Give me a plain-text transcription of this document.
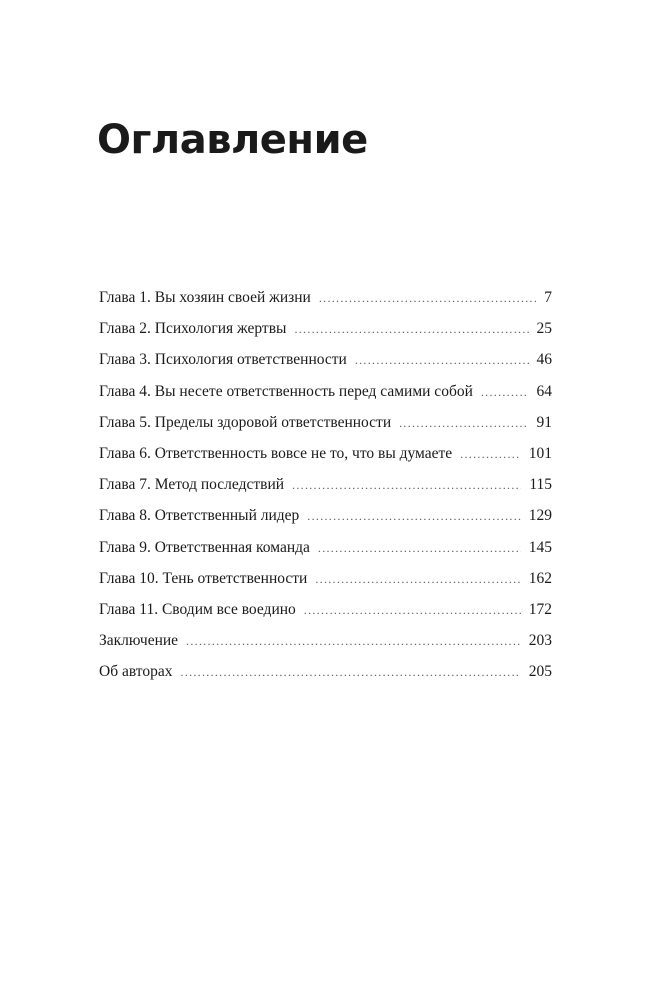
Оглавление
Глава 1. Вы хозяин своей жизни .....	7
Глава 2. Психология жертвы .....	25
Глава 3. Психология ответственности .....	46
Глава 4. Вы несете ответственность перед самими собой .....	64
Глава 5. Пределы здоровой ответственности .....	91
Глава 6. Ответственность вовсе не то, что вы думаете .....	101
Глава 7. Метод последствий .....	115
Глава 8. Ответственный лидер .....	129
Глава 9. Ответственная команда .....	145
Глава 10. Тень ответственности .....	162
Глава 11. Сводим все воедино .....	172
Заключение .....	203
Об авторах .....	205
